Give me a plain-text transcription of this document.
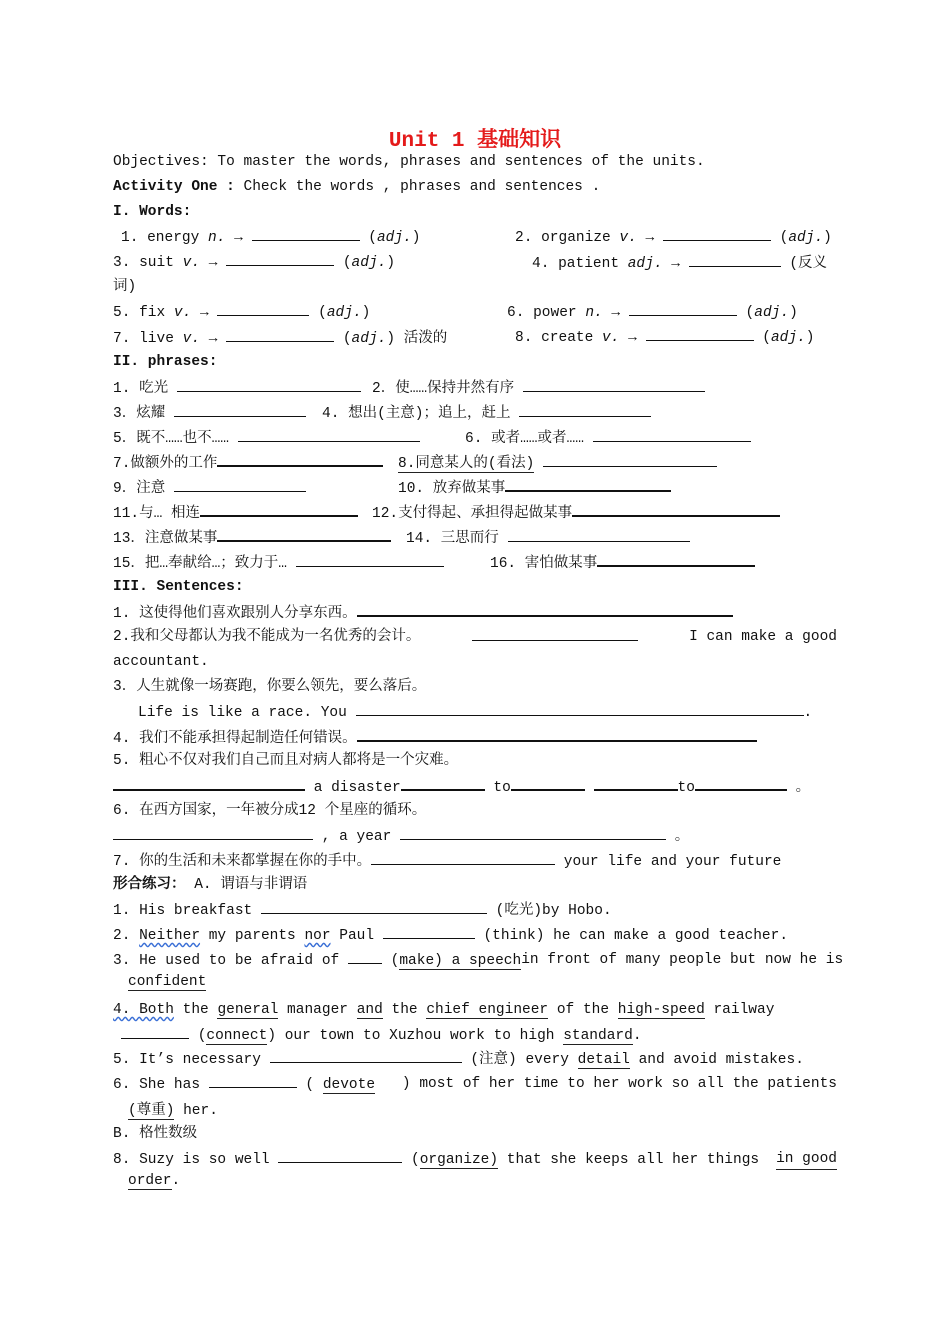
Unit 1 基础知识
Objectives: To master the words, phrases and sentences of the units.
Activity One : Check the words , phrases and sentences .
I. Words:
1. energy n. →	(adj.)	2. organize v. →	(adj.)
3. suit v. →	(adj.)	4. patient adj. →	(反义
词)
5. fix v. →	(adj.)	6. power n. →	(adj.)
7. live v. →	(adj.) 活泼的	8. create v. →	(adj.)
II. phrases:
1. 吃光	2．使……保持井然有序
3．炫耀	4. 想出(主意)；追上，赶上
5．既不……也不……	6. 或者……或者……
7.做额外的工作	8.同意某人的(看法)
9．注意	10. 放弃做某事
11.与… 相连	12.支付得起、承担得起做某事
13．注意做某事	14. 三思而行
15．把…奉献给…；致力于…	16. 害怕做某事
III. Sentences:
1. 这使得他们喜欢跟别人分享东西。
2.我和父母都认为我不能成为一名优秀的会计。	I can make a good
accountant.
3．人生就像一场赛跑，你要么领先，要么落后。
Life is like a race. You	.
4. 我们不能承担得起制造任何错误。
5. 粗心不仅对我们自己而且对病人都将是一个灾难。
a disaster	to	to	。
6. 在西方国家，一年被分成12 个星座的循环。
, a year	。
7. 你的生活和未来都掌握在你的手中。	your life and your future
形合练习： A. 谓语与非谓语
1. His breakfast	(吃光)by Hobo.
2. Neither my parents nor Paul	(think) he can make a good teacher.
3. He used to be afraid of  (make) a speech in front of many people but now he is
confident
4. Both the general manager and the chief engineer of the high-speed railway
(connect) our town to Xuzhou work to high standard.
5. It’s necessary	(注意) every detail and avoid mistakes.
6. She has	( devote ) most of her time to her work so all the patients
(尊重) her.
B. 格性数级
8. Suzy is so well	(organize) that she keeps all her things in good
order.
